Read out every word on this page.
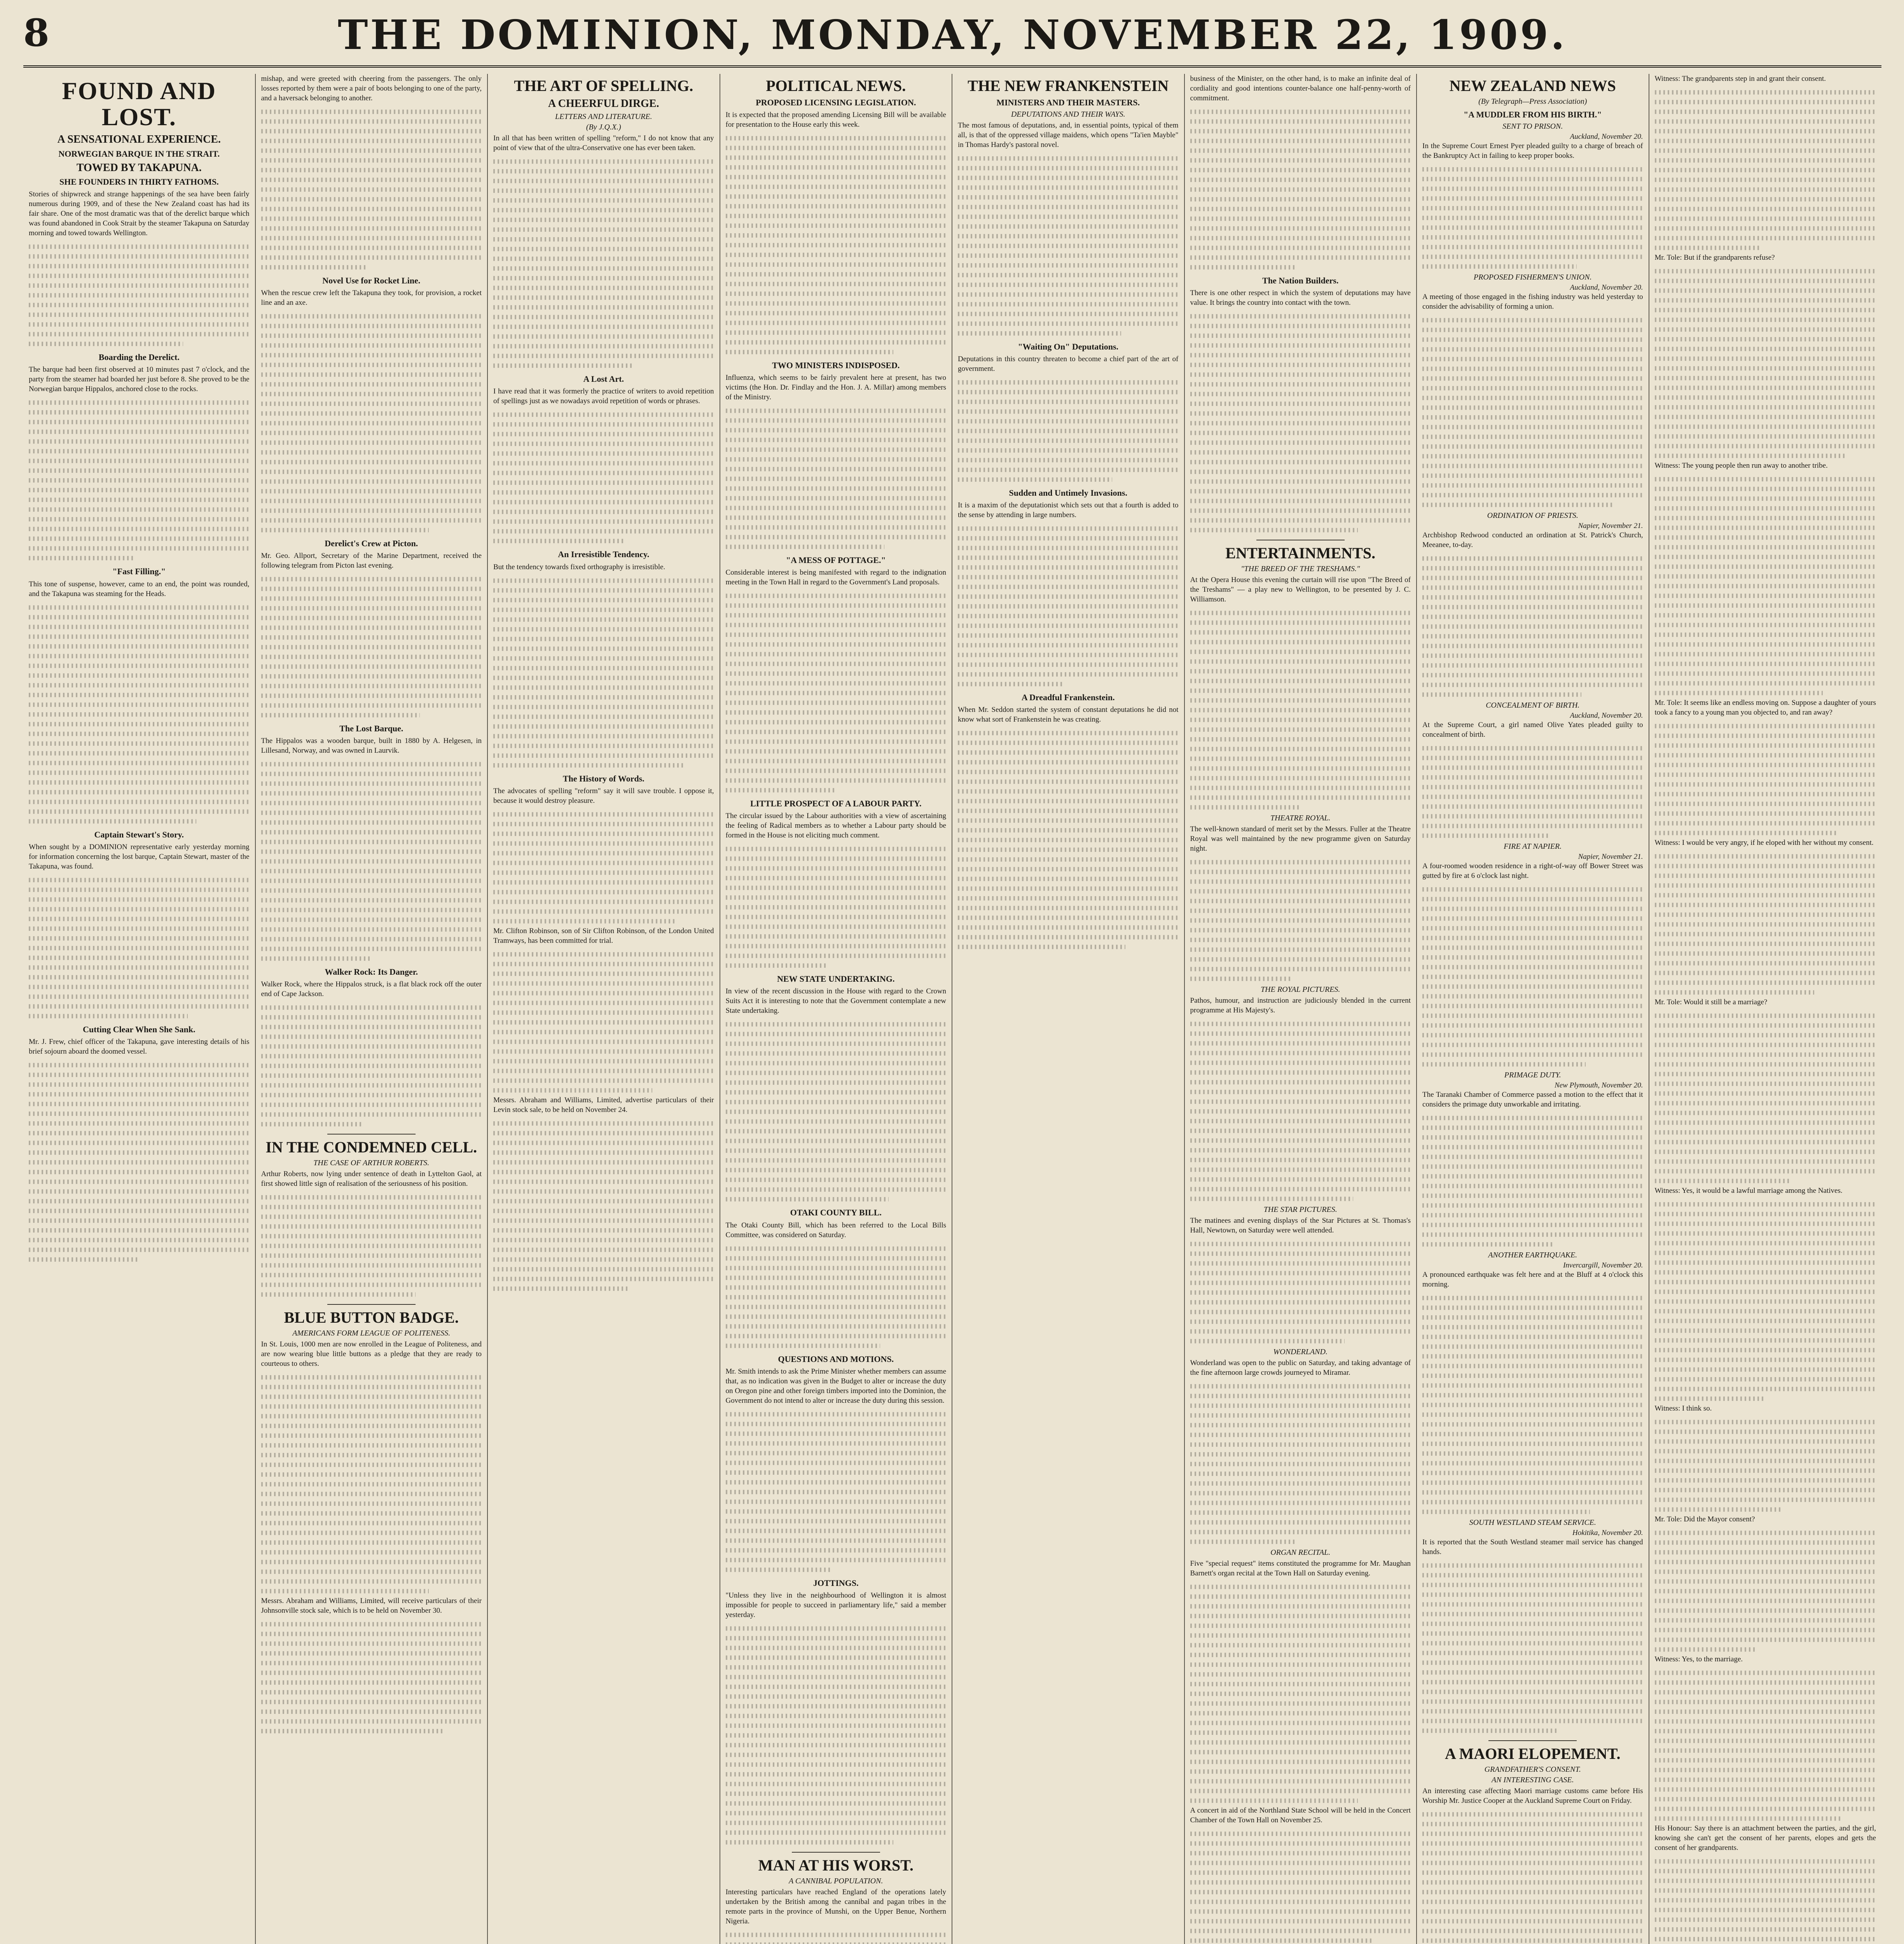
8	THE DOMINION, MONDAY, NOVEMBER 22, 1909.
FOUND AND LOST.
A SENSATIONAL EXPERIENCE.
NORWEGIAN BARQUE IN THE STRAIT.
TOWED BY TAKAPUNA.
SHE FOUNDERS IN THIRTY FATHOMS.
Stories of shipwreck and strange happenings of the sea have been fairly numerous during 1909, and of these the New Zealand coast has had its fair share. One of the most dramatic was that of the derelict barque which was found abandoned in Cook Strait by the steamer Takapuna on Saturday morning and towed towards Wellington.
Boarding the Derelict.
The barque had been first observed at 10 minutes past 7 o'clock, and the party from the steamer had boarded her just before 8. She proved to be the Norwegian barque Hippalos, anchored close to the rocks.
"Fast Filling."
This tone of suspense, however, came to an end, the point was rounded, and the Takapuna was steaming for the Heads.
Captain Stewart's Story.
When sought by a DOMINION representative early yesterday morning for information concerning the lost barque, Captain Stewart, master of the Takapuna, was found.
Cutting Clear When She Sank.
Mr. J. Frew, chief officer of the Takapuna, gave interesting details of his brief sojourn aboard the doomed vessel.
mishap, and were greeted with cheering from the passengers. The only losses reported by them were a pair of boots belonging to one of the party, and a haversack belonging to another.
Novel Use for Rocket Line.
When the rescue crew left the Takapuna they took, for provision, a rocket line and an axe.
Derelict's Crew at Picton.
Mr. Geo. Allport, Secretary of the Marine Department, received the following telegram from Picton last evening.
The Lost Barque.
The Hippalos was a wooden barque, built in 1880 by A. Helgesen, in Lillesand, Norway, and was owned in Laurvik.
Walker Rock: Its Danger.
Walker Rock, where the Hippalos struck, is a flat black rock off the outer end of Cape Jackson.
IN THE CONDEMNED CELL.
THE CASE OF ARTHUR ROBERTS.
Arthur Roberts, now lying under sentence of death in Lyttelton Gaol, at first showed little sign of realisation of the seriousness of his position.
BLUE BUTTON BADGE.
AMERICANS FORM LEAGUE OF POLITENESS.
In St. Louis, 1000 men are now enrolled in the League of Politeness, and are now wearing blue little buttons as a pledge that they are ready to courteous to others.
Messrs. Abraham and Williams, Limited, will receive particulars of their Johnsonville stock sale, which is to be held on November 30.
THE ART OF SPELLING.
A CHEERFUL DIRGE.
LETTERS AND LITERATURE.
(By J.Q.X.)
In all that has been written of spelling "reform," I do not know that any point of view that of the ultra-Conservative one has ever been taken.
A Lost Art.
I have read that it was formerly the practice of writers to avoid repetition of spellings just as we nowadays avoid repetition of words or phrases.
An Irresistible Tendency.
But the tendency towards fixed orthography is irresistible.
The History of Words.
The advocates of spelling "reform" say it will save trouble. I oppose it, because it would destroy pleasure.
Mr. Clifton Robinson, son of Sir Clifton Robinson, of the London United Tramways, has been committed for trial.
Messrs. Abraham and Williams, Limited, advertise particulars of their Levin stock sale, to be held on November 24.
POLITICAL NEWS.
PROPOSED LICENSING LEGISLATION.
It is expected that the proposed amending Licensing Bill will be available for presentation to the House early this week.
TWO MINISTERS INDISPOSED.
Influenza, which seems to be fairly prevalent here at present, has two victims (the Hon. Dr. Findlay and the Hon. J. A. Millar) among members of the Ministry.
"A MESS OF POTTAGE."
Considerable interest is being manifested with regard to the indignation meeting in the Town Hall in regard to the Government's Land proposals.
LITTLE PROSPECT OF A LABOUR PARTY.
The circular issued by the Labour authorities with a view of ascertaining the feeling of Radical members as to whether a Labour party should be formed in the House is not eliciting much comment.
NEW STATE UNDERTAKING.
In view of the recent discussion in the House with regard to the Crown Suits Act it is interesting to note that the Government contemplate a new State undertaking.
OTAKI COUNTY BILL.
The Otaki County Bill, which has been referred to the Local Bills Committee, was considered on Saturday.
QUESTIONS AND MOTIONS.
Mr. Smith intends to ask the Prime Minister whether members can assume that, as no indication was given in the Budget to alter or increase the duty on Oregon pine and other foreign timbers imported into the Dominion, the Government do not intend to alter or increase the duty during this session.
JOTTINGS.
"Unless they live in the neighbourhood of Wellington it is almost impossible for people to succeed in parliamentary life," said a member yesterday.
MAN AT HIS WORST.
A CANNIBAL POPULATION.
Interesting particulars have reached England of the operations lately undertaken by the British among the cannibal and pagan tribes in the remote parts in the province of Munshi, on the Upper Benue, Northern Nigeria.
THE NEW FRANKENSTEIN
MINISTERS AND THEIR MASTERS.
DEPUTATIONS AND THEIR WAYS.
The most famous of deputations, and, in essential points, typical of them all, is that of the oppressed village maidens, which opens "Ta'ien Mayble" in Thomas Hardy's pastoral novel.
"Waiting On" Deputations.
Deputations in this country threaten to become a chief part of the art of government.
Sudden and Untimely Invasions.
It is a maxim of the deputationist which sets out that a fourth is added to the sense by attending in large numbers.
A Dreadful Frankenstein.
When Mr. Seddon started the system of constant deputations he did not know what sort of Frankenstein he was creating.
business of the Minister, on the other hand, is to make an infinite deal of cordiality and good intentions counter-balance one half-penny-worth of commitment.
The Nation Builders.
There is one other respect in which the system of deputations may have value. It brings the country into contact with the town.
ENTERTAINMENTS.
"THE BREED OF THE TRESHAMS."
At the Opera House this evening the curtain will rise upon "The Breed of the Treshams" — a play new to Wellington, to be presented by J. C. Williamson.
THEATRE ROYAL.
The well-known standard of merit set by the Messrs. Fuller at the Theatre Royal was well maintained by the new programme given on Saturday night.
THE ROYAL PICTURES.
Pathos, humour, and instruction are judiciously blended in the current programme at His Majesty's.
THE STAR PICTURES.
The matinees and evening displays of the Star Pictures at St. Thomas's Hall, Newtown, on Saturday were well attended.
WONDERLAND.
Wonderland was open to the public on Saturday, and taking advantage of the fine afternoon large crowds journeyed to Miramar.
ORGAN RECITAL.
Five "special request" items constituted the programme for Mr. Maughan Barnett's organ recital at the Town Hall on Saturday evening.
A concert in aid of the Northland State School will be held in the Concert Chamber of the Town Hall on November 25.
NEW ZEALAND NEWS
(By Telegraph—Press Association)
"A MUDDLER FROM HIS BIRTH."
SENT TO PRISON.
Auckland, November 20.
In the Supreme Court Ernest Pyer pleaded guilty to a charge of breach of the Bankruptcy Act in failing to keep proper books.
PROPOSED FISHERMEN'S UNION.
Auckland, November 20.
A meeting of those engaged in the fishing industry was held yesterday to consider the advisability of forming a union.
ORDINATION OF PRIESTS.
Napier, November 21.
Archbishop Redwood conducted an ordination at St. Patrick's Church, Meeanee, to-day.
CONCEALMENT OF BIRTH.
Auckland, November 20.
At the Supreme Court, a girl named Olive Yates pleaded guilty to concealment of birth.
FIRE AT NAPIER.
Napier, November 21.
A four-roomed wooden residence in a right-of-way off Bower Street was gutted by fire at 6 o'clock last night.
PRIMAGE DUTY.
New Plymouth, November 20.
The Taranaki Chamber of Commerce passed a motion to the effect that it considers the primage duty unworkable and irritating.
ANOTHER EARTHQUAKE.
Invercargill, November 20.
A pronounced earthquake was felt here and at the Bluff at 4 o'clock this morning.
SOUTH WESTLAND STEAM SERVICE.
Hokitika, November 20.
It is reported that the South Westland steamer mail service has changed hands.
A MAORI ELOPEMENT.
GRANDFATHER'S CONSENT.
AN INTERESTING CASE.
An interesting case affecting Maori marriage customs came before His Worship Mr. Justice Cooper at the Auckland Supreme Court on Friday.
Witness: The grandparents step in and grant their consent.
Mr. Tole: But if the grandparents refuse?
Witness: The young people then run away to another tribe.
Mr. Tole: It seems like an endless moving on. Suppose a daughter of yours took a fancy to a young man you objected to, and ran away?
Witness: I would be very angry, if he eloped with her without my consent.
Mr. Tole: Would it still be a marriage?
Witness: Yes, it would be a lawful marriage among the Natives.
Witness: I think so.
Mr. Tole: Did the Mayor consent?
Witness: Yes, to the marriage.
His Honour: Say there is an attachment between the parties, and the girl, knowing she can't get the consent of her parents, elopes and gets the consent of her grandparents.
